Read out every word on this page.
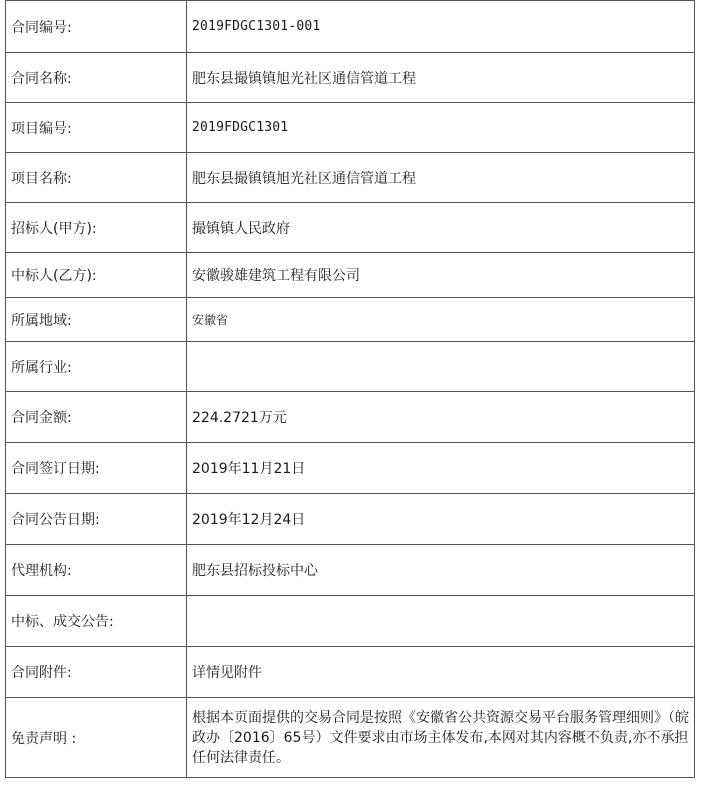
合同编号:	2019FDGC1301-001
合同名称:	肥东县撮镇镇旭光社区通信管道工程
项目编号:	2019FDGC1301
项目名称:	肥东县撮镇镇旭光社区通信管道工程
招标人(甲方):	撮镇镇人民政府
中标人(乙方):	安徽骏雄建筑工程有限公司
所属地域:	安徽省
所属行业:	
合同金额:	224.2721万元
合同签订日期:	2019年11月21日
合同公告日期:	2019年12月24日
代理机构:	肥东县招标投标中心
中标、成交公告:	
合同附件:	详情见附件
免责声明 :	根据本页面提供的交易合同是按照《安徽省公共资源交易平台服务管理细则》（皖政办〔2016〕65号）文件要求由市场主体发布,本网对其内容概不负责,亦不承担任何法律责任。
